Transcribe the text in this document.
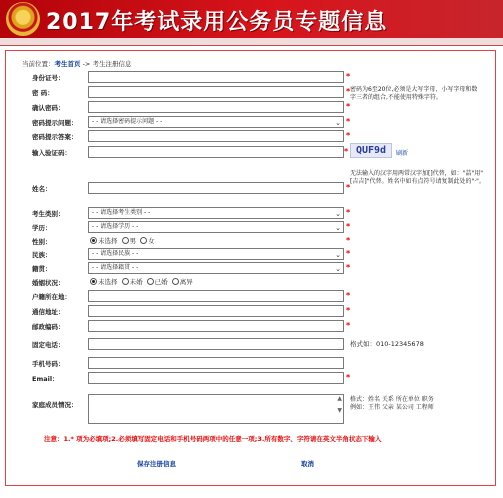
2017年考试录用公务员专题信息
当前位置：考生首页 -> 考生注册信息
身份证号：	*
密 码：	* 密码为6至20位,必须是大写字母、小写字母和数字三者的组合,不能使用特殊字符。
确认密码：	*
密码提示问题：	- - 请选择密码提示问题 - -	⌄ *
密码提示答案：	*
输入验证码：	* QUF9d	刷新
姓名：	*
无法输入的汉字用两常汉字加[]代替，如："喆"用"[吉吉]"代替。姓名中如有点符号请复制此处的"·"。
考生类别：	- - 请选择考生类别 - -	⌄ *
学历：	- - 请选择学历 - -	⌄ *
性别：	未选择 男 女	*
民族：	- - 请选择民族 - -	⌄ *
籍贯：	- - 请选择籍贯 - -	⌄ *
婚姻状况：	未选择 未婚 已婚 离异
户籍所在地：	*
通信地址：	*
邮政编码：	*
固定电话：	格式如：010-12345678
手机号码：
Email：	*
家庭成员情况：
▲

▼
格式：姓名 关系 所在单位 职务
例如：王伟 父亲 某公司 工程师
注意：1.* 项为必填项;2.必须填写固定电话和手机号码两项中的任意一项;3.所有数字、字符请在英文半角状态下输入
保存注册信息	取消
